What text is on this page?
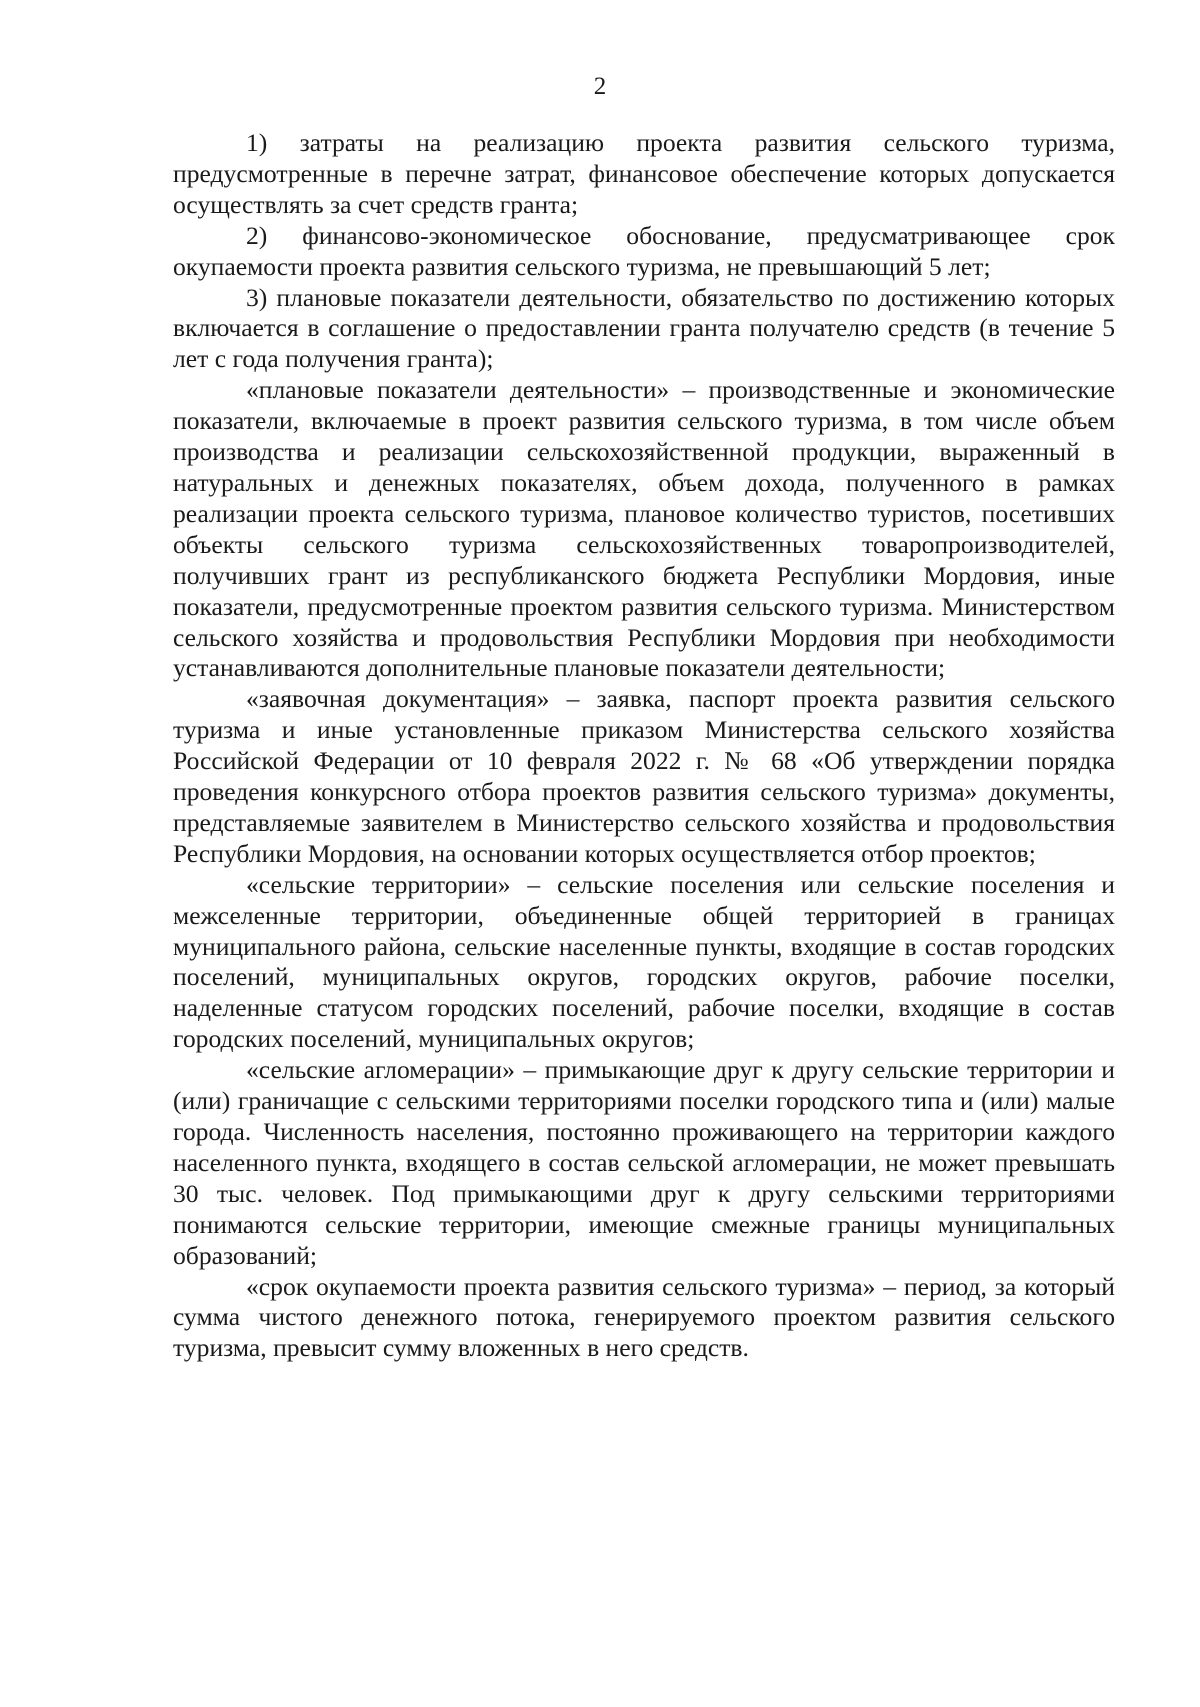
2

1) затраты на реализацию проекта развития сельского туризма, предусмотренные в перечне затрат, финансовое обеспечение которых допускается осуществлять за счет средств гранта;

2) финансово-экономическое обоснование, предусматривающее срок окупаемости проекта развития сельского туризма, не превышающий 5 лет;

3) плановые показатели деятельности, обязательство по достижению которых включается в соглашение о предоставлении гранта получателю средств (в течение 5 лет с года получения гранта);

«плановые показатели деятельности» – производственные и экономические показатели, включаемые в проект развития сельского туризма, в том числе объем производства и реализации сельскохозяйственной продукции, выраженный в натуральных и денежных показателях, объем дохода, полученного в рамках реализации проекта сельского туризма, плановое количество туристов, посетивших объекты сельского туризма сельскохозяйственных товаропроизводителей, получивших грант из республиканского бюджета Республики Мордовия, иные показатели, предусмотренные проектом развития сельского туризма. Министерством сельского хозяйства и продовольствия Республики Мордовия при необходимости устанавливаются дополнительные плановые показатели деятельности;

«заявочная документация» – заявка, паспорт проекта развития сельского туризма и иные установленные приказом Министерства сельского хозяйства Российской Федерации от 10 февраля 2022 г. № 68 «Об утверждении порядка проведения конкурсного отбора проектов развития сельского туризма» документы, представляемые заявителем в Министерство сельского хозяйства и продовольствия Республики Мордовия, на основании которых осуществляется отбор проектов;

«сельские территории» – сельские поселения или сельские поселения и межселенные территории, объединенные общей территорией в границах муниципального района, сельские населенные пункты, входящие в состав городских поселений, муниципальных округов, городских округов, рабочие поселки, наделенные статусом городских поселений, рабочие поселки, входящие в состав городских поселений, муниципальных округов;

«сельские агломерации» – примыкающие друг к другу сельские территории и (или) граничащие с сельскими территориями поселки городского типа и (или) малые города. Численность населения, постоянно проживающего на территории каждого населенного пункта, входящего в состав сельской агломерации, не может превышать 30 тыс. человек. Под примыкающими друг к другу сельскими территориями понимаются сельские территории, имеющие смежные границы муниципальных образований;

«срок окупаемости проекта развития сельского туризма» – период, за который сумма чистого денежного потока, генерируемого проектом развития сельского туризма, превысит сумму вложенных в него средств.
